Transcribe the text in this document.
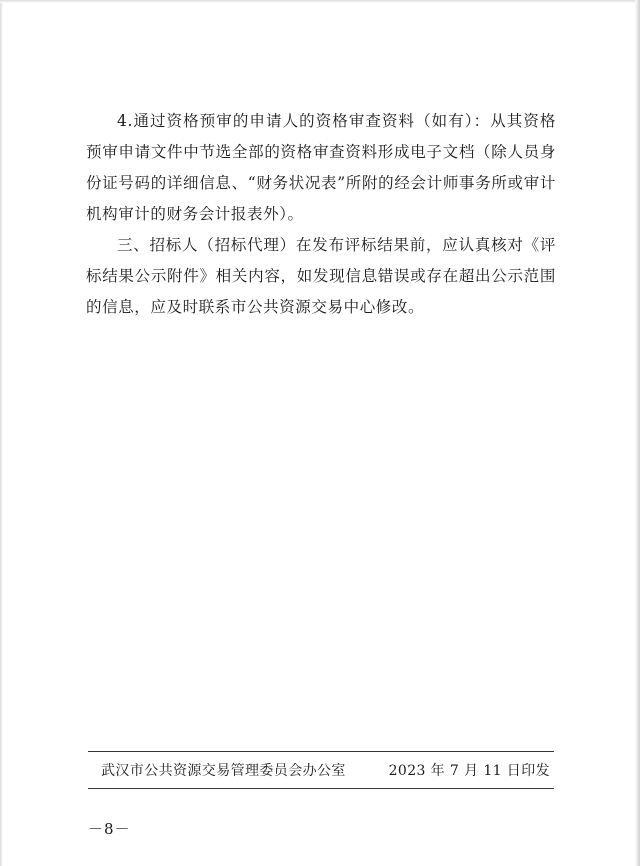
4.通过资格预审的申请人的资格审查资料（如有）：从其资格预审申请文件中节选全部的资格审查资料形成电子文档（除人员身份证号码的详细信息、“财务状况表”所附的经会计师事务所或审计机构审计的财务会计报表外）。

三、招标人（招标代理）在发布评标结果前，应认真核对《评标结果公示附件》相关内容，如发现信息错误或存在超出公示范围的信息，应及时联系市公共资源交易中心修改。

武汉市公共资源交易管理委员会办公室	2023 年 7 月 11 日印发
－8－
